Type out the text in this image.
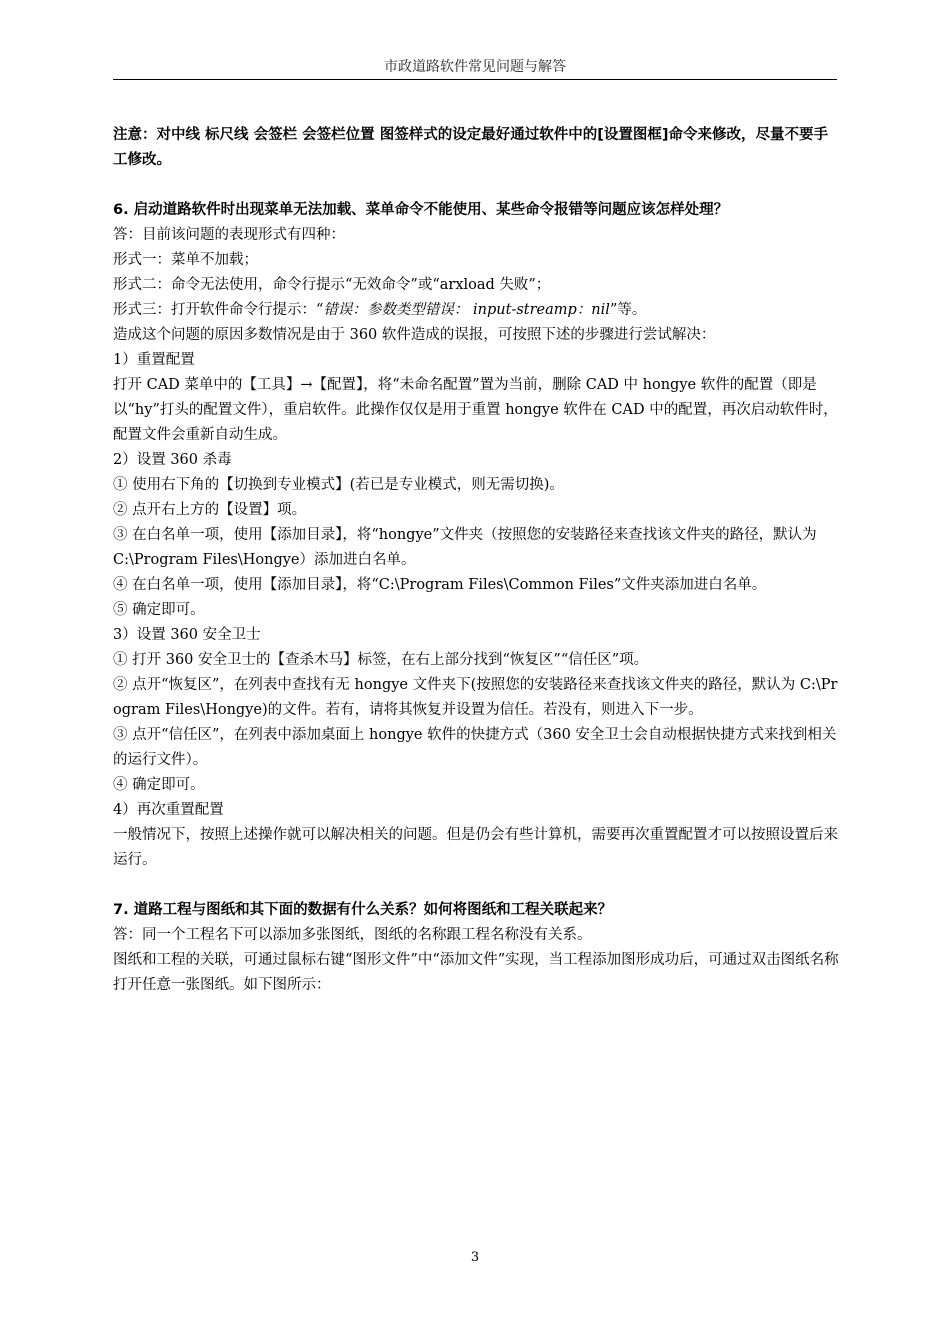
市政道路软件常见问题与解答

注意：对中线 标尺线 会签栏 会签栏位置 图签样式的设定最好通过软件中的[设置图框]命令来修改，尽量不要手工修改。

6. 启动道路软件时出现菜单无法加载、菜单命令不能使用、某些命令报错等问题应该怎样处理？

答：目前该问题的表现形式有四种：

形式一：菜单不加载；

形式二：命令无法使用，命令行提示“无效命令”或“arxload 失败”；

形式三：打开软件命令行提示：“错误：参数类型错误： input-streamp：nil”等。

造成这个问题的原因多数情况是由于 360 软件造成的误报，可按照下述的步骤进行尝试解决：

1）重置配置

打开 CAD 菜单中的【工具】→【配置】，将“未命名配置”置为当前，删除 CAD 中 hongye 软件的配置（即是以“hy”打头的配置文件），重启软件。此操作仅仅是用于重置 hongye 软件在 CAD 中的配置，再次启动软件时，配置文件会重新自动生成。

2）设置 360 杀毒

① 使用右下角的【切换到专业模式】(若已是专业模式，则无需切换)。

② 点开右上方的【设置】项。

③ 在白名单一项，使用【添加目录】，将“hongye”文件夹（按照您的安装路径来查找该文件夹的路径，默认为 C:\Program Files\Hongye）添加进白名单。

④ 在白名单一项，使用【添加目录】，将“C:\Program Files\Common Files”文件夹添加进白名单。

⑤ 确定即可。

3）设置 360 安全卫士

① 打开 360 安全卫士的【查杀木马】标签，在右上部分找到“恢复区”“信任区”项。

② 点开“恢复区”，在列表中查找有无 hongye 文件夹下(按照您的安装路径来查找该文件夹的路径，默认为 C:\Program Files\Hongye)的文件。若有，请将其恢复并设置为信任。若没有，则进入下一步。

③ 点开“信任区”，在列表中添加桌面上 hongye 软件的快捷方式（360 安全卫士会自动根据快捷方式来找到相关的运行文件）。

④ 确定即可。

4）再次重置配置

一般情况下，按照上述操作就可以解决相关的问题。但是仍会有些计算机，需要再次重置配置才可以按照设置后来运行。

7. 道路工程与图纸和其下面的数据有什么关系？如何将图纸和工程关联起来？

答：同一个工程名下可以添加多张图纸，图纸的名称跟工程名称没有关系。

图纸和工程的关联，可通过鼠标右键“图形文件”中“添加文件”实现，当工程添加图形成功后，可通过双击图纸名称打开任意一张图纸。如下图所示：

3
